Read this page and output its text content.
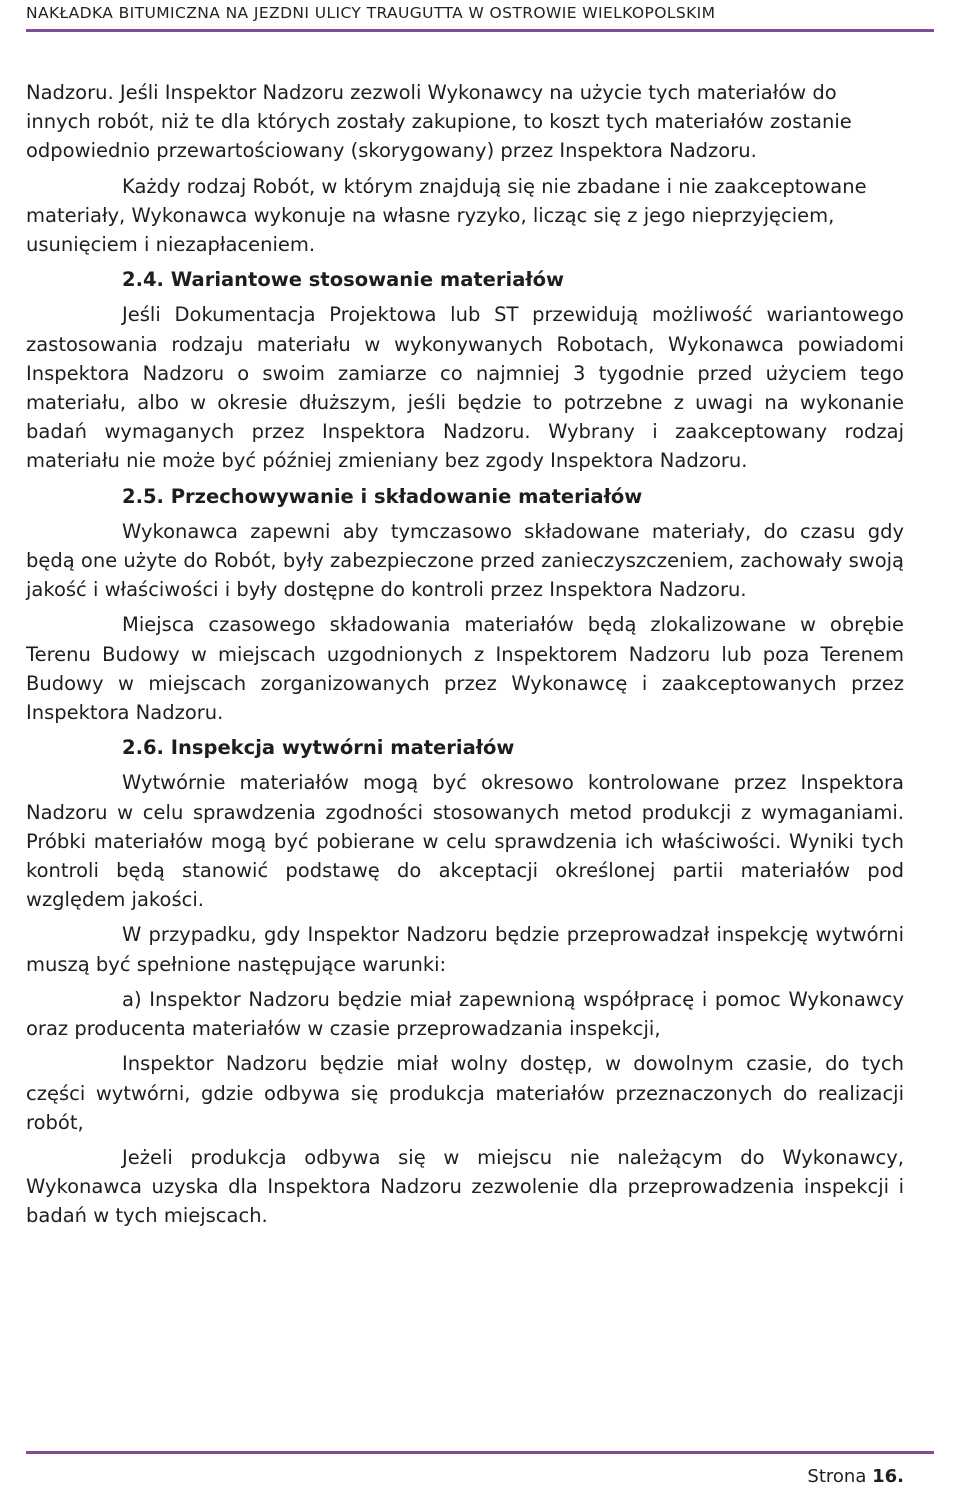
NAKŁADKA BITUMICZNA NA JEZDNI ULICY TRAUGUTTA W OSTROWIE WIELKOPOLSKIM

Nadzoru. Jeśli Inspektor Nadzoru zezwoli Wykonawcy na użycie tych materiałów do innych robót, niż te dla których zostały zakupione, to koszt tych materiałów zostanie odpowiednio przewartościowany (skorygowany) przez Inspektora Nadzoru.

Każdy rodzaj Robót, w którym znajdują się nie zbadane i nie zaakceptowane materiały, Wykonawca wykonuje na własne ryzyko, licząc się z jego nieprzyjęciem, usunięciem i niezapłaceniem.

2.4. Wariantowe stosowanie materiałów

Jeśli Dokumentacja Projektowa lub ST przewidują możliwość wariantowego zastosowania rodzaju materiału w wykonywanych Robotach, Wykonawca powiadomi Inspektora Nadzoru o swoim zamiarze co najmniej 3 tygodnie przed użyciem tego materiału, albo w okresie dłuższym, jeśli będzie to potrzebne z uwagi na wykonanie badań wymaganych przez Inspektora Nadzoru. Wybrany i zaakceptowany rodzaj materiału nie może być później zmieniany bez zgody Inspektora Nadzoru.

2.5. Przechowywanie i składowanie materiałów

Wykonawca zapewni aby tymczasowo składowane materiały, do czasu gdy będą one użyte do Robót, były zabezpieczone przed zanieczyszczeniem, zachowały swoją jakość i właściwości i były dostępne do kontroli przez Inspektora Nadzoru.

Miejsca czasowego składowania materiałów będą zlokalizowane w obrębie Terenu Budowy w miejscach uzgodnionych z Inspektorem Nadzoru lub poza Terenem Budowy w miejscach zorganizowanych przez Wykonawcę i zaakceptowanych przez Inspektora Nadzoru.

2.6. Inspekcja wytwórni materiałów

Wytwórnie materiałów mogą być okresowo kontrolowane przez Inspektora Nadzoru w celu sprawdzenia zgodności stosowanych metod produkcji z wymaganiami. Próbki materiałów mogą być pobierane w celu sprawdzenia ich właściwości. Wyniki tych kontroli będą stanowić podstawę do akceptacji określonej partii materiałów pod względem jakości.

W przypadku, gdy Inspektor Nadzoru będzie przeprowadzał inspekcję wytwórni muszą być spełnione następujące warunki:

a) Inspektor Nadzoru będzie miał zapewnioną współpracę i pomoc Wykonawcy oraz producenta materiałów w czasie przeprowadzania inspekcji,

Inspektor Nadzoru będzie miał wolny dostęp, w dowolnym czasie, do tych części wytwórni, gdzie odbywa się produkcja materiałów przeznaczonych do realizacji robót,

Jeżeli produkcja odbywa się w miejscu nie należącym do Wykonawcy, Wykonawca uzyska dla Inspektora Nadzoru zezwolenie dla przeprowadzenia inspekcji i badań w tych miejscach.

Strona 16.
